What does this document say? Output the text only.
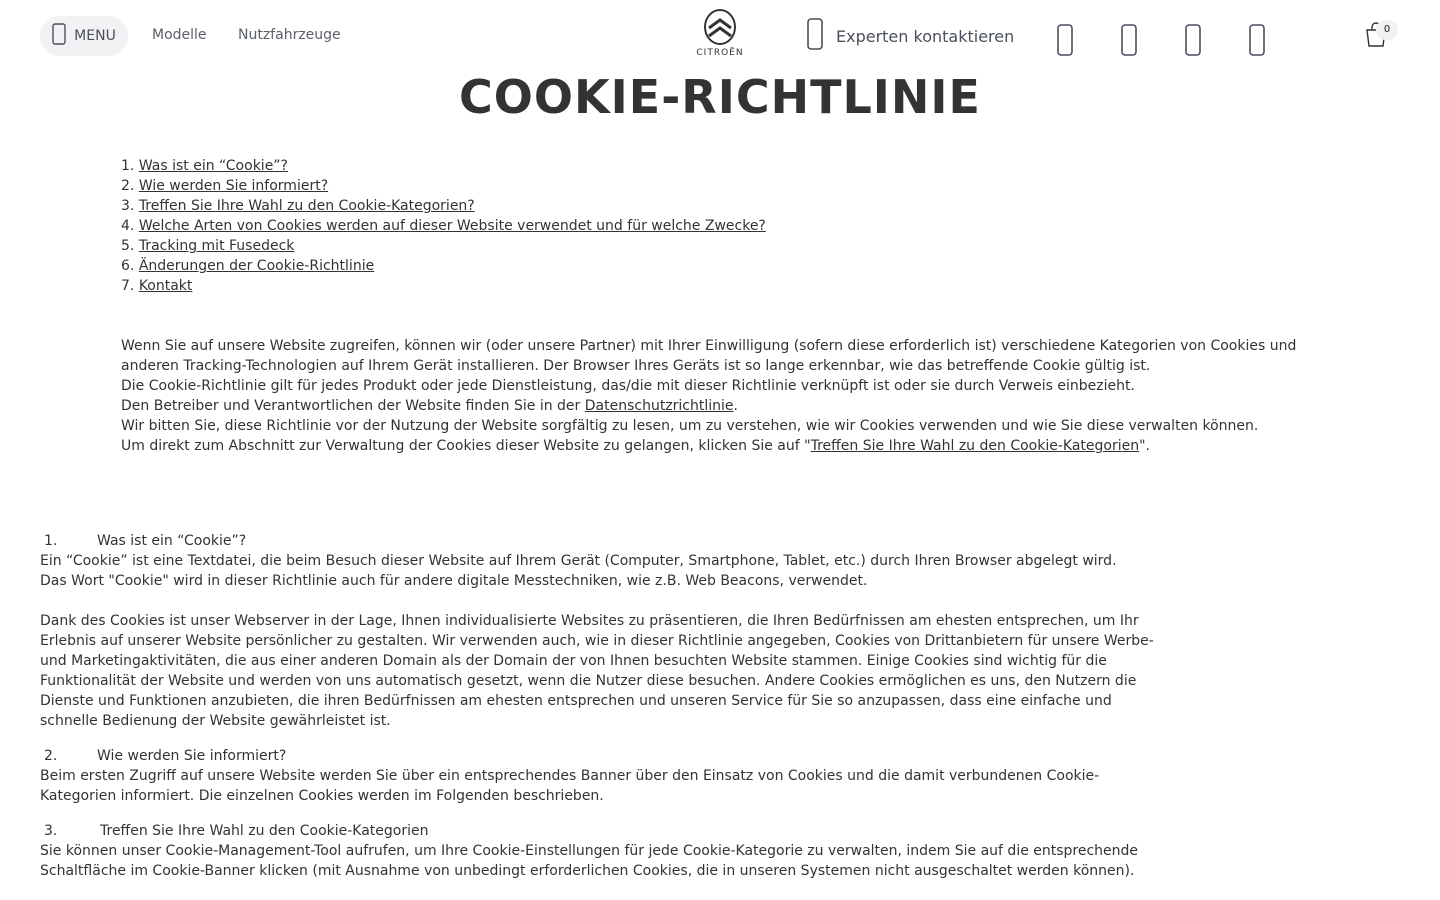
MENU	Modelle Nutzfahrzeuge
CITROËN
Experten kontaktieren	0
COOKIE-RICHTLINIE
1. Was ist ein “Cookie”?
2. Wie werden Sie informiert?
3. Treffen Sie Ihre Wahl zu den Cookie-Kategorien?
4. Welche Arten von Cookies werden auf dieser Website verwendet und für welche Zwecke?
5. Tracking mit Fusedeck
6. Änderungen der Cookie-Richtlinie
7. Kontakt

Wenn Sie auf unsere Website zugreifen, können wir (oder unsere Partner) mit Ihrer Einwilligung (sofern diese erforderlich ist) verschiedene Kategorien von Cookies und anderen Tracking-Technologien auf Ihrem Gerät installieren. Der Browser Ihres Geräts ist so lange erkennbar, wie das betreffende Cookie gültig ist.

Die Cookie-Richtlinie gilt für jedes Produkt oder jede Dienstleistung, das/die mit dieser Richtlinie verknüpft ist oder sie durch Verweis einbezieht.

Den Betreiber und Verantwortlichen der Website finden Sie in der Datenschutzrichtlinie.

Wir bitten Sie, diese Richtlinie vor der Nutzung der Website sorgfältig zu lesen, um zu verstehen, wie wir Cookies verwenden und wie Sie diese verwalten können.

Um direkt zum Abschnitt zur Verwaltung der Cookies dieser Website zu gelangen, klicken Sie auf "Treffen Sie Ihre Wahl zu den Cookie-Kategorien".

1.	Was ist ein “Cookie”?

Ein “Cookie” ist eine Textdatei, die beim Besuch dieser Website auf Ihrem Gerät (Computer, Smartphone, Tablet, etc.) durch Ihren Browser abgelegt wird.

Das Wort "Cookie" wird in dieser Richtlinie auch für andere digitale Messtechniken, wie z.B. Web Beacons, verwendet.

Dank des Cookies ist unser Webserver in der Lage, Ihnen individualisierte Websites zu präsentieren, die Ihren Bedürfnissen am ehesten entsprechen, um Ihr Erlebnis auf unserer Website persönlicher zu gestalten. Wir verwenden auch, wie in dieser Richtlinie angegeben, Cookies von Drittanbietern für unsere Werbe- und Marketingaktivitäten, die aus einer anderen Domain als der Domain der von Ihnen besuchten Website stammen. Einige Cookies sind wichtig für die Funktionalität der Website und werden von uns automatisch gesetzt, wenn die Nutzer diese besuchen. Andere Cookies ermöglichen es uns, den Nutzern die Dienste und Funktionen anzubieten, die ihren Bedürfnissen am ehesten entsprechen und unseren Service für Sie so anzupassen, dass eine einfache und schnelle Bedienung der Website gewährleistet ist.

2.	Wie werden Sie informiert?

Beim ersten Zugriff auf unsere Website werden Sie über ein entsprechendes Banner über den Einsatz von Cookies und die damit verbundenen Cookie-Kategorien informiert. Die einzelnen Cookies werden im Folgenden beschrieben.

3.	Treffen Sie Ihre Wahl zu den Cookie-Kategorien

Sie können unser Cookie-Management-Tool aufrufen, um Ihre Cookie-Einstellungen für jede Cookie-Kategorie zu verwalten, indem Sie auf die entsprechende Schaltfläche im Cookie-Banner klicken (mit Ausnahme von unbedingt erforderlichen Cookies, die in unseren Systemen nicht ausgeschaltet werden können).
